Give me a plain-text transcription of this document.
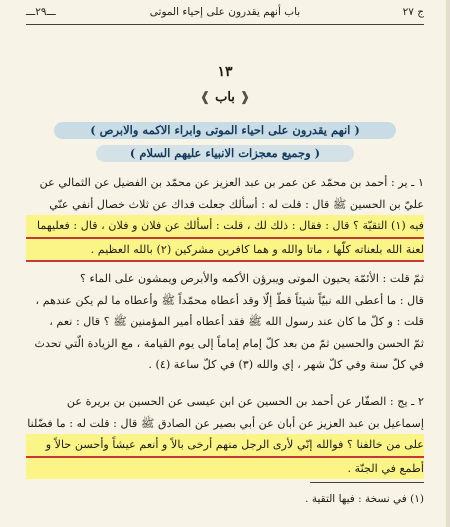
ج ٢٧
باب أنهم يقدرون على إحياء الموتى
ـــ٢٩ـــ
١٣
❰ باب ❱
( انهم يقدرون على احياء الموتى وابراء الاكمه والابرص )
( وجميع معجزات الانبياء عليهم السلام )
١ ـ ير : أحمد بن محمّد عن عمر بن عبد العزيز عن محمّد بن الفضيل عن الثمالي عن
عليّ بن الحسين ﷺ قال : قلت له : أسألك جعلت فداك عن ثلاث خصال أنفي عنّي
فيه (١) التقيّة ؟ قال : فقال : ذلك لك ، قلت : أسألك عن فلان و فلان ، قال : فعليهما
لعنة الله بلعناته كلّها ، ماتا والله و هما كافرين مشركين (٢) بالله العظيم .
ثمّ قلت : الأئمّة يحيون الموتى ويبرؤن الأكمه والأبرص ويمشون على الماء ؟
قال : ما أعطى الله نبيّاً شيئاً قطّ إلّا وقد أعطاه محمّداً ﷺ وأعطاه ما لم يكن عندهم ،
قلت : و كلّ ما كان عند رسول الله ﷺ فقد أعطاه أمير المؤمنين ﷺ ؟ قال : نعم ،
ثمّ الحسن والحسين ثمّ من بعد كلّ إمام إماماً إلى يوم القيامة ، مع الزيادة الّتي تحدث
في كلّ سنة وفي كلّ شهر ، إي والله (٣) في كلّ ساعة (٤) .
٢ ـ يج : الصفّار عن أحمد بن الحسين عن ابن عيسى عن الحسين بن بريرة عن
إسماعيل بن عبد العزيز عن أبان عن أبي بصير عن الصادق ﷺ قال : قلت له : ما فضّلنا
على من خالفنا ؟ فوالله إنّي لأرى الرجل منهم أرخى بالاً و أنعم عيشاً وأحسن حالاً و
أطمع في الجنّة .
(١) في نسخة : فيها التقية .
